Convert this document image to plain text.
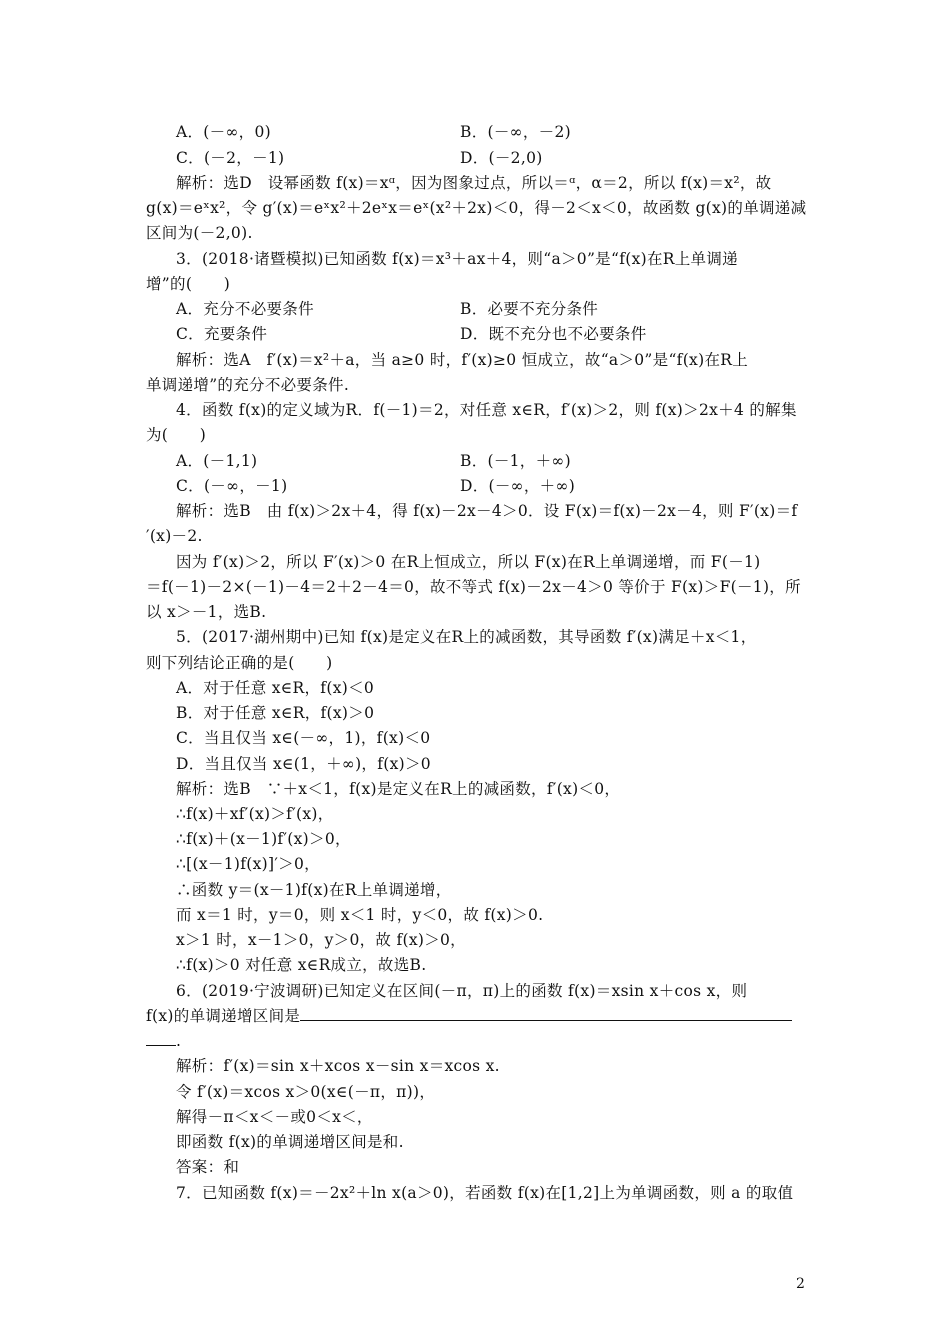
A．(－∞，0)	B．(－∞，－2)
C．(－2，－1)	D．(－2,0)
解析：选D　设幂函数 f(x)＝xᵅ，因为图象过点，所以＝ᵅ，α＝2，所以 f(x)＝x²，故
g(x)＝eˣx²，令 g′(x)＝eˣx²＋2eˣx＝eˣ(x²＋2x)＜0，得－2＜x＜0，故函数 g(x)的单调递减
区间为(－2,0).
3．(2018·诸暨模拟)已知函数 f(x)＝x³＋ax＋4，则“a＞0”是“f(x)在R上单调递
增”的(　　)
A．充分不必要条件	B．必要不充分条件
C．充要条件	D．既不充分也不必要条件
解析：选A　f′(x)＝x²＋a，当 a≥0 时，f′(x)≥0 恒成立，故“a＞0”是“f(x)在R上
单调递增”的充分不必要条件.
4．函数 f(x)的定义域为R．f(－1)＝2，对任意 x∈R，f′(x)＞2，则 f(x)＞2x＋4 的解集
为(　　)
A．(－1,1)	B．(－1，＋∞)
C．(－∞，－1)	D．(－∞，＋∞)
解析：选B　由 f(x)＞2x＋4，得 f(x)－2x－4＞0．设 F(x)＝f(x)－2x－4，则 F′(x)＝f
′(x)－2.
因为 f′(x)＞2，所以 F′(x)＞0 在R上恒成立，所以 F(x)在R上单调递增，而 F(－1)
＝f(－1)－2×(－1)－4＝2＋2－4＝0，故不等式 f(x)－2x－4＞0 等价于 F(x)＞F(－1)，所
以 x＞－1，选B.
5．(2017·湖州期中)已知 f(x)是定义在R上的减函数，其导函数 f′(x)满足＋x＜1，
则下列结论正确的是(　　)
A．对于任意 x∈R，f(x)＜0
B．对于任意 x∈R，f(x)＞0
C．当且仅当 x∈(－∞，1)，f(x)＜0
D．当且仅当 x∈(1，＋∞)，f(x)＞0
解析：选B　∵＋x＜1，f(x)是定义在R上的减函数，f′(x)＜0，
∴f(x)＋xf′(x)＞f′(x)，
∴f(x)＋(x－1)f′(x)＞0，
∴[(x－1)f(x)]′＞0，
∴函数 y＝(x－1)f(x)在R上单调递增，
而 x＝1 时，y＝0，则 x＜1 时，y＜0，故 f(x)＞0.
x＞1 时，x－1＞0，y＞0，故 f(x)＞0，
∴f(x)＞0 对任意 x∈R成立，故选B.
6．(2019·宁波调研)已知定义在区间(－π，π)上的函数 f(x)＝xsin x＋cos x，则
f(x)的单调递增区间是
.
解析：f′(x)＝sin x＋xcos x－sin x＝xcos x.
令 f′(x)＝xcos x＞0(x∈(－π，π))，
解得－π＜x＜－或0＜x＜，
即函数 f(x)的单调递增区间是和.
答案：和
7．已知函数 f(x)＝－2x²＋ln x(a＞0)，若函数 f(x)在[1,2]上为单调函数，则 a 的取值
2
